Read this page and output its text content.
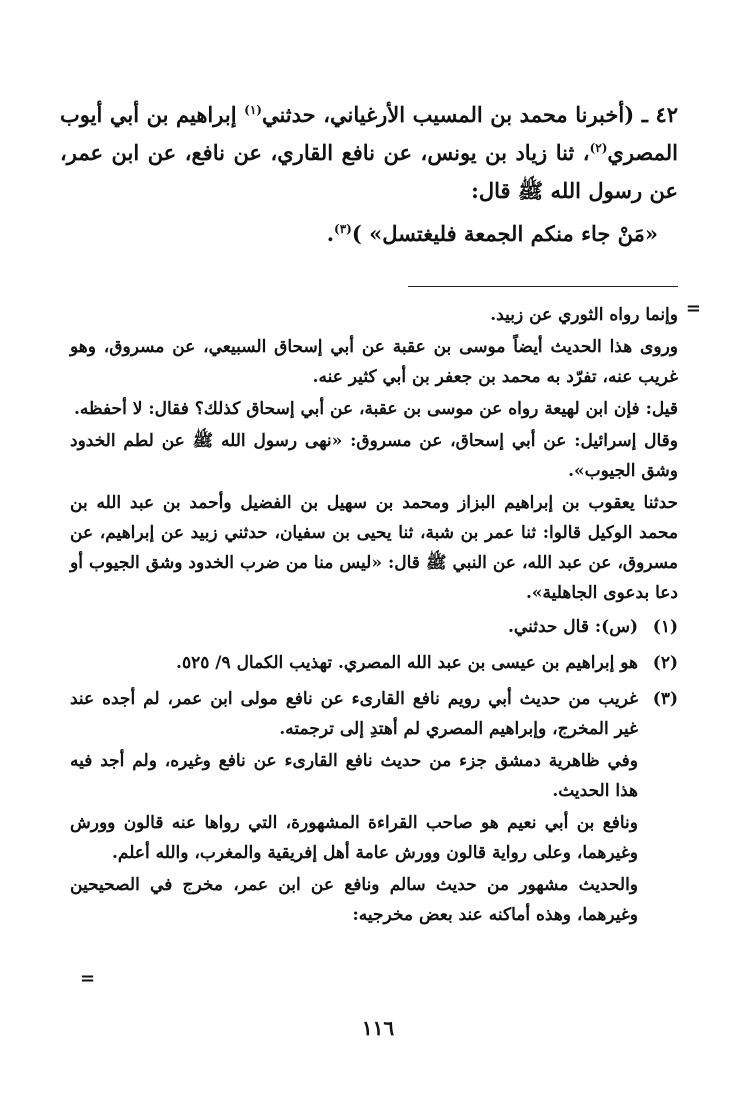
٤٢ ـ (أخبرنا محمد بن المسيب الأرغياني، حدثني$^{(١)}$ إبراهيم بن أبي أيوب المصري$^{(٢)}$، ثنا زياد بن يونس، عن نافع القاري، عن نافع، عن ابن عمر، عن رسول الله ﷺ قال:

«مَنْ جاء منكم الجمعة فليغتسل» )$^{(٣)}$.

=

وإنما رواه الثوري عن زبيد.

وروى هذا الحديث أيضاً موسى بن عقبة عن أبي إسحاق السبيعي، عن مسروق، وهو غريب عنه، تفرّد به محمد بن جعفر بن أبي كثير عنه.

قيل: فإن ابن لهيعة رواه عن موسى بن عقبة، عن أبي إسحاق كذلك؟ فقال: لا أحفظه.

وقال إسرائيل: عن أبي إسحاق، عن مسروق: «نهى رسول الله ﷺ عن لطم الخدود وشق الجيوب».

حدثنا يعقوب بن إبراهيم البزاز ومحمد بن سهيل بن الفضيل وأحمد بن عبد الله بن محمد الوكيل قالوا: ثنا عمر بن شبة، ثنا يحيى بن سفيان، حدثني زبيد عن إبراهيم، عن مسروق، عن عبد الله، عن النبي ﷺ قال: «ليس منا من ضرب الخدود وشق الجيوب أو دعا بدعوى الجاهلية».

(١)

(س): قال حدثني.

(٢)

هو إبراهيم بن عيسى بن عبد الله المصري. تهذيب الكمال ٩/ ٥٢٥.

(٣)

غريب من حديث أبي رويم نافع القارىء عن نافع مولى ابن عمر، لم أجده عند غير المخرج، وإبراهيم المصري لم أهتدِ إلى ترجمته.

وفي ظاهرية دمشق جزء من حديث نافع القارىء عن نافع وغيره، ولم أجد فيه هذا الحديث.

ونافع بن أبي نعيم هو صاحب القراءة المشهورة، التي رواها عنه قالون وورش وغيرهما، وعلى رواية قالون وورش عامة أهل إفريقية والمغرب، والله أعلم.

والحديث مشهور من حديث سالم ونافع عن ابن عمر، مخرج في الصحيحين وغيرهما، وهذه أماكنه عند بعض مخرجيه:

=
١١٦
